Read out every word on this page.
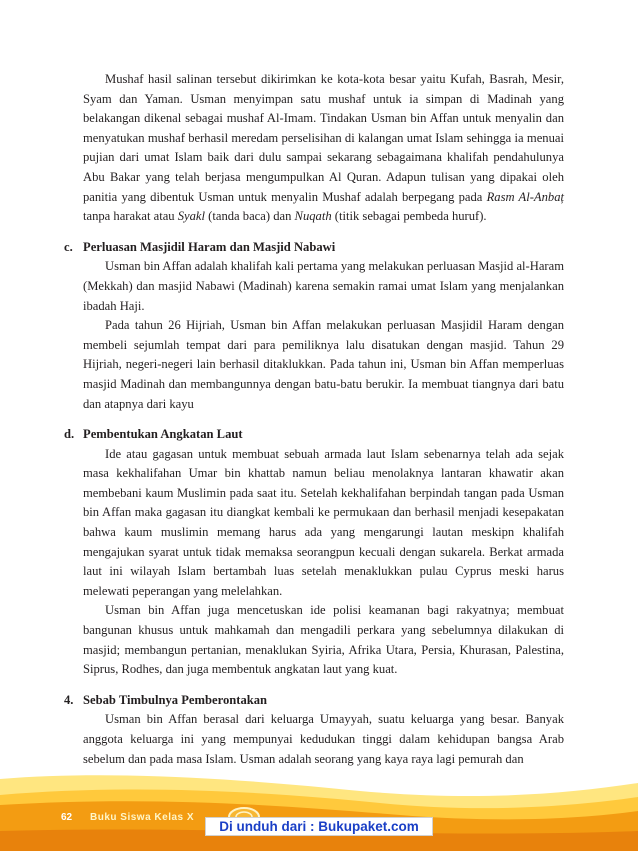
Mushaf hasil salinan tersebut dikirimkan ke kota-kota besar yaitu Kufah, Basrah, Mesir, Syam dan Yaman. Usman menyimpan satu mushaf untuk ia simpan di Madinah yang belakangan dikenal sebagai mushaf Al-Imam. Tindakan Usman bin Affan untuk menyalin dan menyatukan mushaf berhasil meredam perselisihan di kalangan umat Islam sehingga ia menuai pujian dari umat Islam baik dari dulu sampai sekarang sebagaimana khalifah pendahulunya Abu Bakar yang telah berjasa mengumpulkan Al Quran. Adapun tulisan yang dipakai oleh panitia yang dibentuk Usman untuk menyalin Mushaf adalah berpegang pada Rasm Al-Anbaț tanpa harakat atau Syakl (tanda baca) dan Nuqath (titik sebagai pembeda huruf).

c. Perluasan Masjidil Haram dan Masjid Nabawi

Usman bin Affan adalah khalifah kali pertama yang melakukan perluasan Masjid al-Haram (Mekkah) dan masjid Nabawi (Madinah) karena semakin ramai umat Islam yang menjalankan ibadah Haji.

Pada tahun 26 Hijriah, Usman bin Affan melakukan perluasan Masjidil Haram dengan membeli sejumlah tempat dari para pemiliknya lalu disatukan dengan masjid. Tahun 29 Hijriah, negeri-negeri lain berhasil ditaklukkan. Pada tahun ini, Usman bin Affan memperluas masjid Madinah dan membangunnya dengan batu-batu berukir. Ia membuat tiangnya dari batu dan atapnya dari kayu

d. Pembentukan Angkatan Laut

Ide atau gagasan untuk membuat sebuah armada laut Islam sebenarnya telah ada sejak masa kekhalifahan Umar bin khattab namun beliau menolaknya lantaran khawatir akan membebani kaum Muslimin pada saat itu. Setelah kekhalifahan berpindah tangan pada Usman bin Affan maka gagasan itu diangkat kembali ke permukaan dan berhasil menjadi kesepakatan bahwa kaum muslimin memang harus ada yang mengarungi lautan meskipn khalifah mengajukan syarat untuk tidak memaksa seorangpun kecuali dengan sukarela. Berkat armada laut ini wilayah Islam bertambah luas setelah menaklukkan pulau Cyprus meski harus melewati peperangan yang melelahkan.

Usman bin Affan juga mencetuskan ide polisi keamanan bagi rakyatnya; membuat bangunan khusus untuk mahkamah dan mengadili perkara yang sebelumnya dilakukan di masjid; membangun pertanian, menaklukan Syiria, Afrika Utara, Persia, Khurasan, Palestina, Siprus, Rodhes, dan juga membentuk angkatan laut yang kuat.

4. Sebab Timbulnya Pemberontakan

Usman bin Affan berasal dari keluarga Umayyah, suatu keluarga yang besar. Banyak anggota keluarga ini yang mempunyai kedudukan tinggi dalam kehidupan bangsa Arab sebelum dan pada masa Islam. Usman adalah seorang yang kaya raya lagi pemurah dan

62 Buku Siswa Kelas X
Di unduh dari : Bukupaket.com
